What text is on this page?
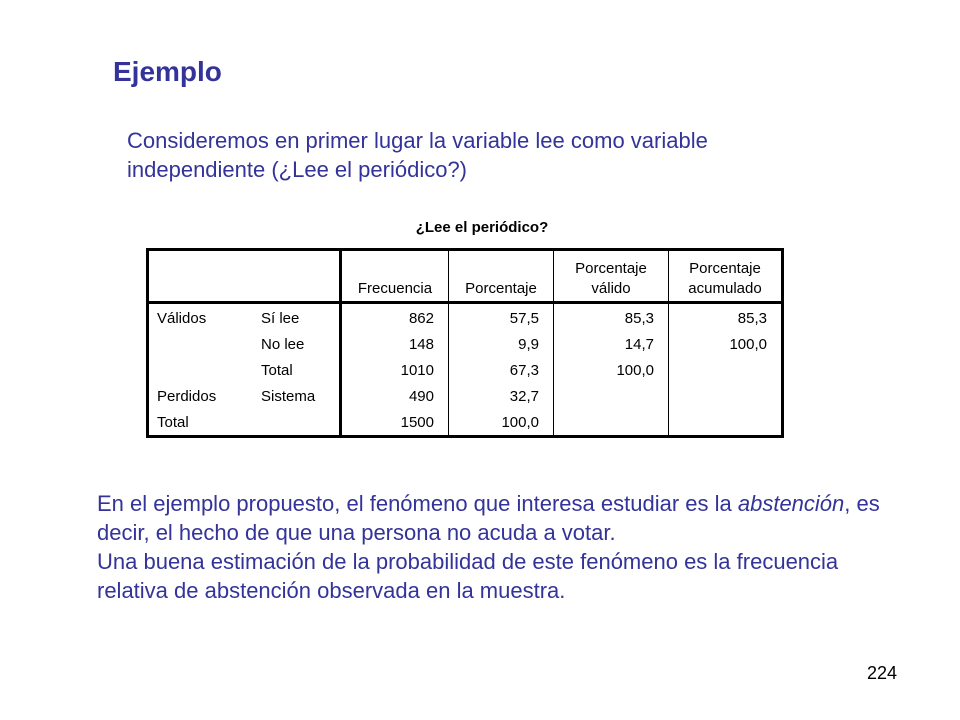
Ejemplo

Consideremos en primer lugar la variable lee como variable independiente (¿Lee el periódico?)

¿Lee el periódico?
		Frecuencia	Porcentaje	Porcentaje válido	Porcentaje acumulado
Válidos	Sí lee	862	57,5	85,3	85,3
	No lee	148	9,9	14,7	100,0
	Total	1010	67,3	100,0	
Perdidos	Sistema	490	32,7		
Total		1500	100,0		

En el ejemplo propuesto, el fenómeno que interesa estudiar es la abstención, es decir, el hecho de que una persona no acuda a votar.

Una buena estimación de la probabilidad de este fenómeno es la frecuencia relativa de abstención observada en la muestra.

224
